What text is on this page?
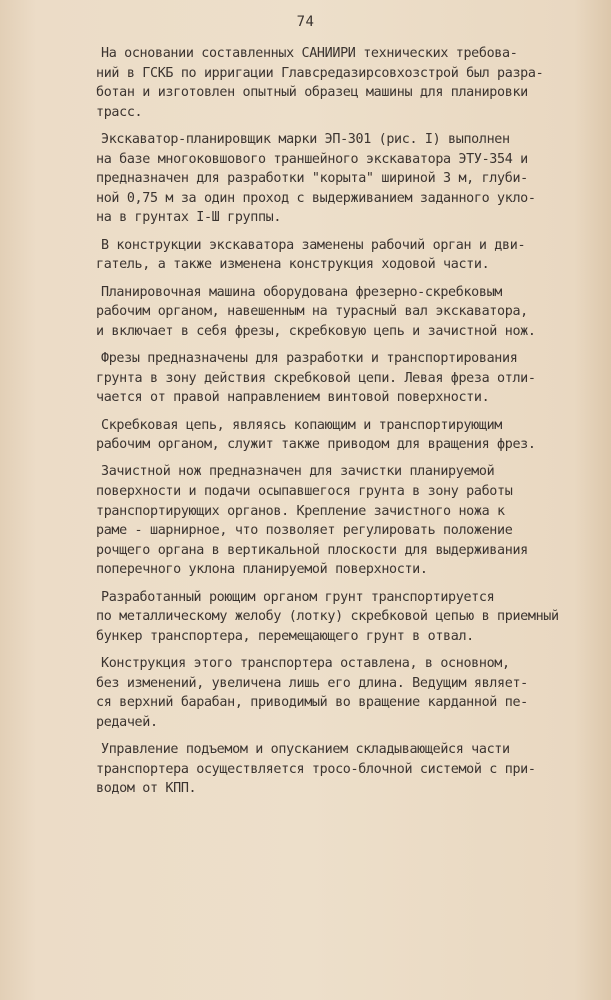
74
На основании составленных САНИИРИ технических требова-
ний в ГСКБ по ирригации Главсредазирсовхозстрой был разра-
ботан и изготовлен опытный образец машины для планировки
трасс.
Экскаватор-планировщик марки ЭП-301 (рис. I) выполнен
на базе многоковшового траншейного экскаватора ЭТУ-354 и
предназначен для разработки "корыта" шириной 3 м, глуби-
ной 0,75 м за один проход с выдерживанием заданного укло-
на в грунтах I-Ш группы.
В конструкции экскаватора заменены рабочий орган и дви-
гатель, а также изменена конструкция ходовой части.
Планировочная машина оборудована фрезерно-скребковым
рабочим органом, навешенным на турасный вал экскаватора,
и включает в себя фрезы, скребковую цепь и зачистной нож.
Фрезы предназначены для разработки и транспортирования
грунта в зону действия скребковой цепи. Левая фреза отли-
чается от правой направлением винтовой поверхности.
Скребковая цепь, являясь копающим и транспортирующим
рабочим органом, служит также приводом для вращения фрез.
Зачистной нож предназначен для зачистки планируемой
поверхности и подачи осыпавшегося грунта в зону работы
транспортирующих органов. Крепление зачистного ножа к
раме - шарнирное, что позволяет регулировать положение
рочщего органа в вертикальной плоскости для выдерживания
поперечного уклона планируемой поверхности.
Разработанный роющим органом грунт транспортируется
по металлическому желобу (лотку) скребковой цепью в приемный
бункер транспортера, перемещающего грунт в отвал.
Конструкция этого транспортера оставлена, в основном,
без изменений, увеличена лишь его длина. Ведущим являет-
ся верхний барабан, приводимый во вращение карданной пе-
редачей.
Управление подъемом и опусканием складывающейся части
транспортера осуществляется тросо-блочной системой с при-
водом от КПП.
